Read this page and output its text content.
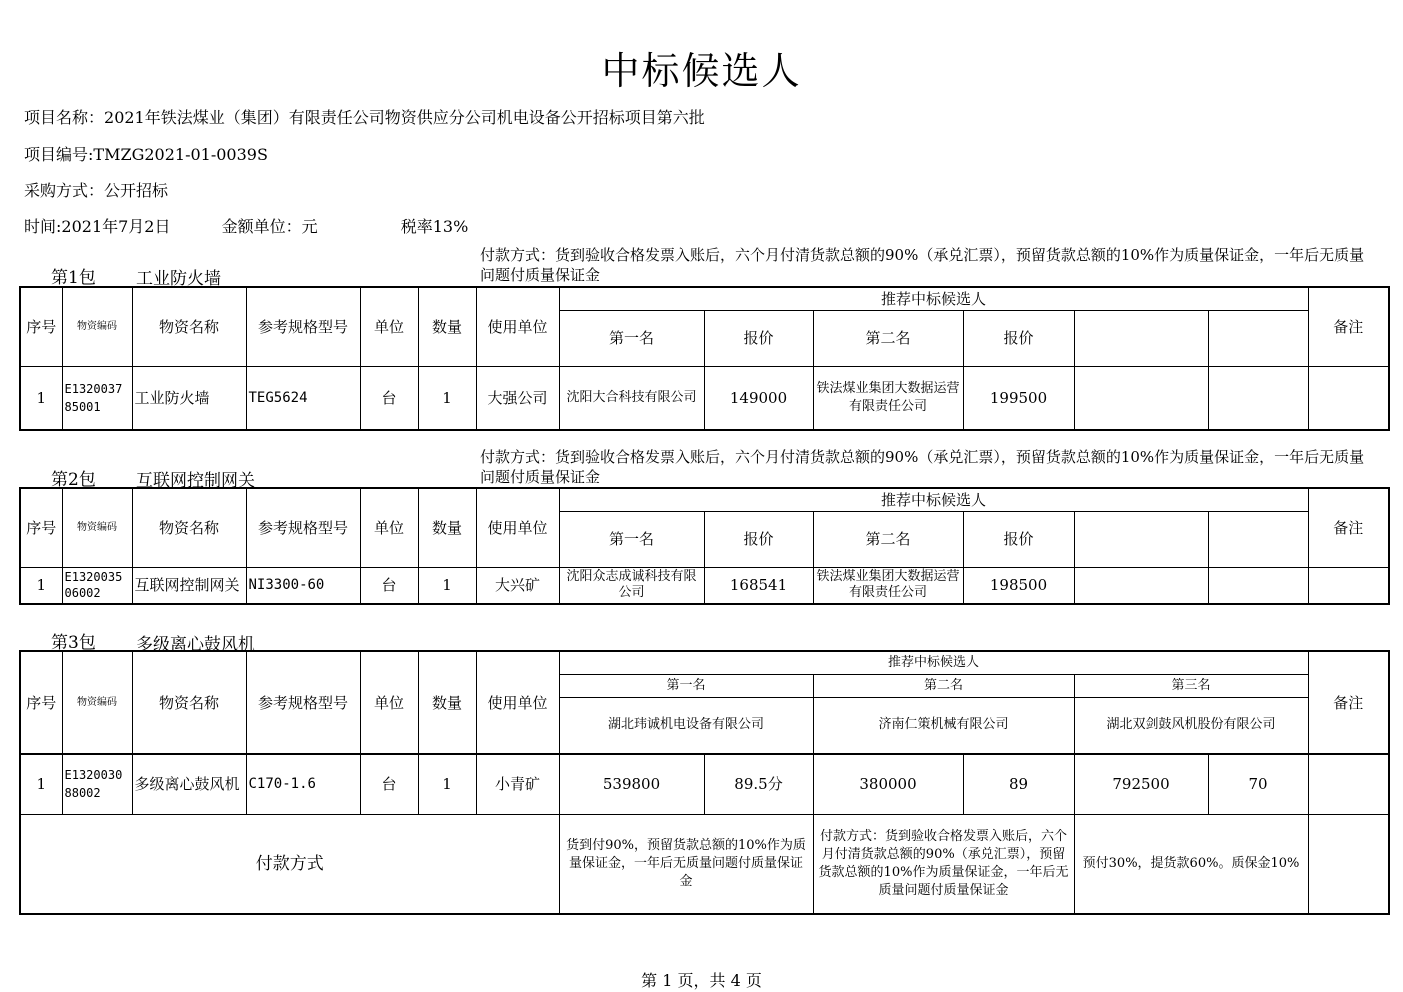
中标候选人
项目名称：2021年铁法煤业（集团）有限责任公司物资供应分公司机电设备公开招标项目第六批
项目编号:TMZG2021-01-0039S
采购方式：公开招标
时间:2021年7月2日	金额单位：元	税率13%
付款方式：货到验收合格发票入账后，六个月付清货款总额的90%（承兑汇票），预留货款总额的10%作为质量保证金，一年后无质量问题付质量保证金
第1包 工业防火墙
序号	物资编码	物资名称	参考规格型号	单位	数量	使用单位	推荐中标候选人						备注
							第一名	报价	第二名	报价			
1	E132003785001	工业防火墙	TEG5624	台	1	大强公司	沈阳大合科技有限公司	149000	铁法煤业集团大数据运营有限责任公司	199500			
付款方式：货到验收合格发票入账后，六个月付清货款总额的90%（承兑汇票），预留货款总额的10%作为质量保证金，一年后无质量问题付质量保证金
第2包 互联网控制网关
序号	物资编码	物资名称	参考规格型号	单位	数量	使用单位	推荐中标候选人						备注
							第一名	报价	第二名	报价			
1	E132003506002	互联网控制网关	NI3300-60	台	1	大兴矿	沈阳众志成诚科技有限公司	168541	铁法煤业集团大数据运营有限责任公司	198500			
第3包 多级离心鼓风机
序号	物资编码	物资名称	参考规格型号	单位	数量	使用单位	推荐中标候选人						备注
							第一名		第二名		第三名		
							湖北玮诚机电设备有限公司		济南仁策机械有限公司		湖北双剑鼓风机股份有限公司		
1	E132003088002	多级离心鼓风机	C170-1.6	台	1	小青矿	539800	89.5分	380000	89	792500	70	
付款方式							货到付90%，预留货款总额的10%作为质量保证金，一年后无质量问题付质量保证金		付款方式：货到验收合格发票入账后，六个月付清货款总额的90%（承兑汇票），预留货款总额的10%作为质量保证金，一年后无质量问题付质量保证金		预付30%，提货款60%。质保金10%		
第 1 页，共 4 页
